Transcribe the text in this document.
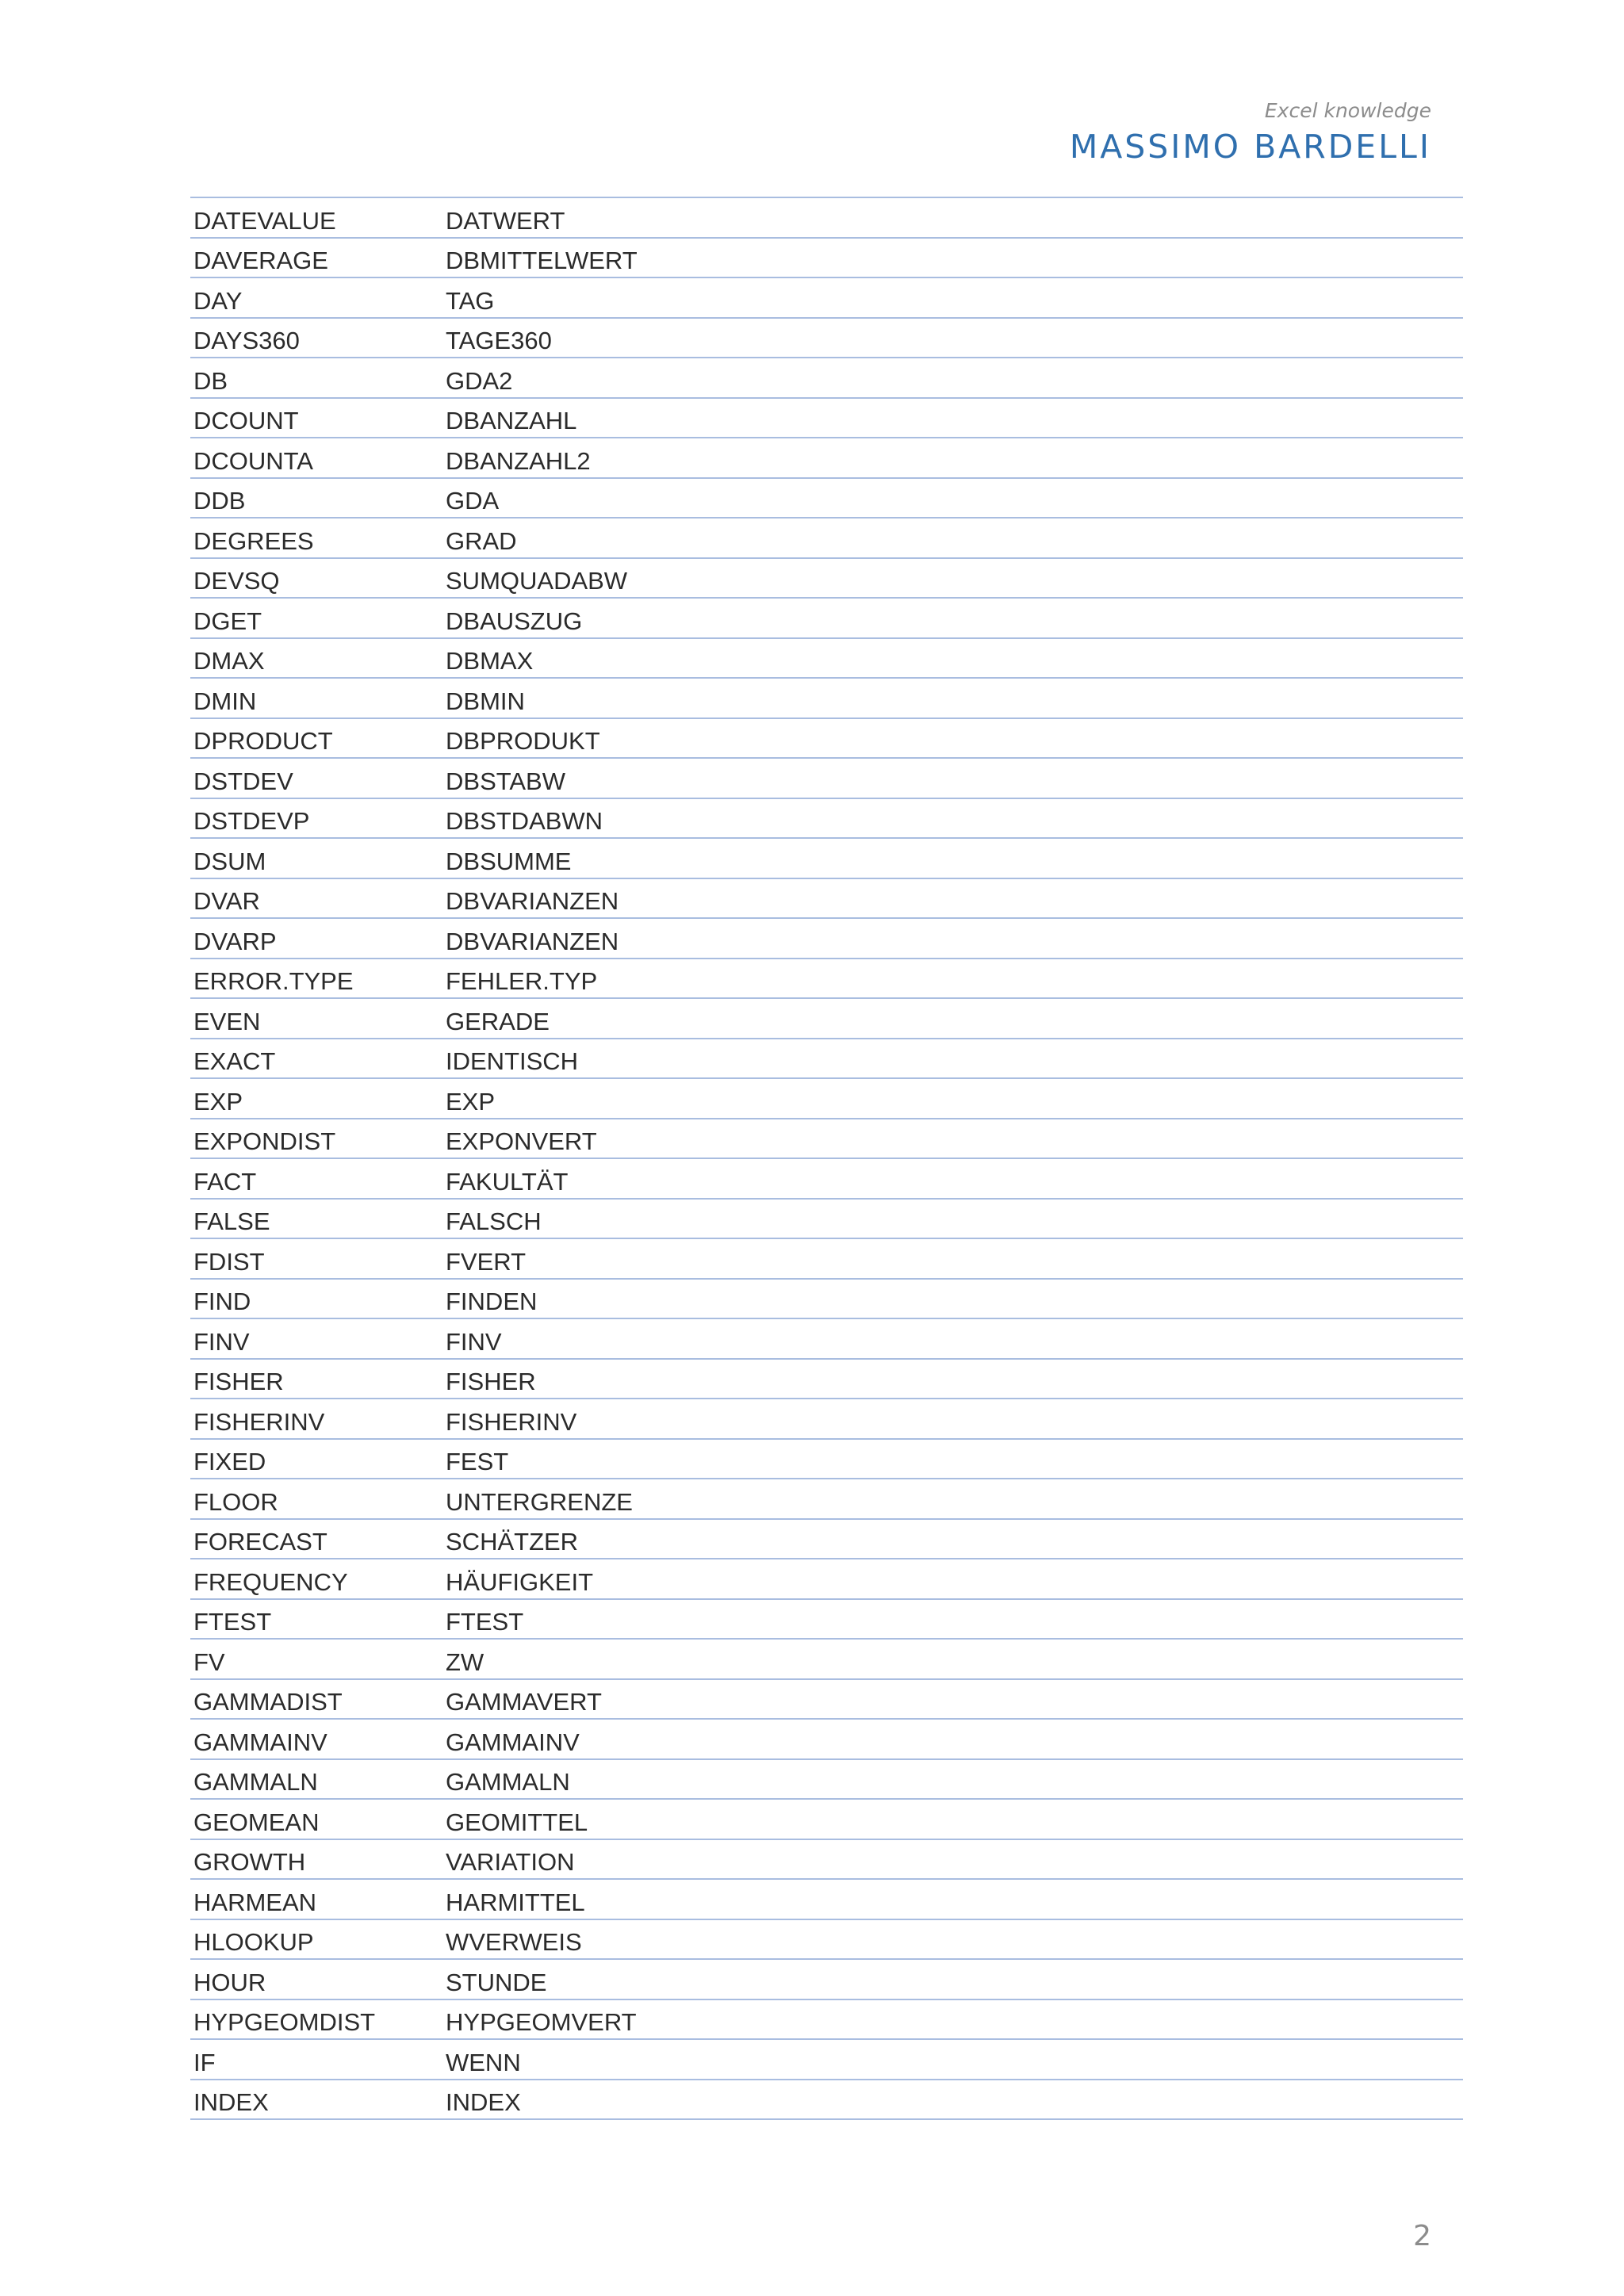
Excel knowledge
MASSIMO BARDELLI
DATEVALUE	DATWERT
DAVERAGE	DBMITTELWERT
DAY	TAG
DAYS360	TAGE360
DB	GDA2
DCOUNT	DBANZAHL
DCOUNTA	DBANZAHL2
DDB	GDA
DEGREES	GRAD
DEVSQ	SUMQUADABW
DGET	DBAUSZUG
DMAX	DBMAX
DMIN	DBMIN
DPRODUCT	DBPRODUKT
DSTDEV	DBSTABW
DSTDEVP	DBSTDABWN
DSUM	DBSUMME
DVAR	DBVARIANZEN
DVARP	DBVARIANZEN
ERROR.TYPE	FEHLER.TYP
EVEN	GERADE
EXACT	IDENTISCH
EXP	EXP
EXPONDIST	EXPONVERT
FACT	FAKULTÄT
FALSE	FALSCH
FDIST	FVERT
FIND	FINDEN
FINV	FINV
FISHER	FISHER
FISHERINV	FISHERINV
FIXED	FEST
FLOOR	UNTERGRENZE
FORECAST	SCHÄTZER
FREQUENCY	HÄUFIGKEIT
FTEST	FTEST
FV	ZW
GAMMADIST	GAMMAVERT
GAMMAINV	GAMMAINV
GAMMALN	GAMMALN
GEOMEAN	GEOMITTEL
GROWTH	VARIATION
HARMEAN	HARMITTEL
HLOOKUP	WVERWEIS
HOUR	STUNDE
HYPGEOMDIST	HYPGEOMVERT
IF	WENN
INDEX	INDEX
2
